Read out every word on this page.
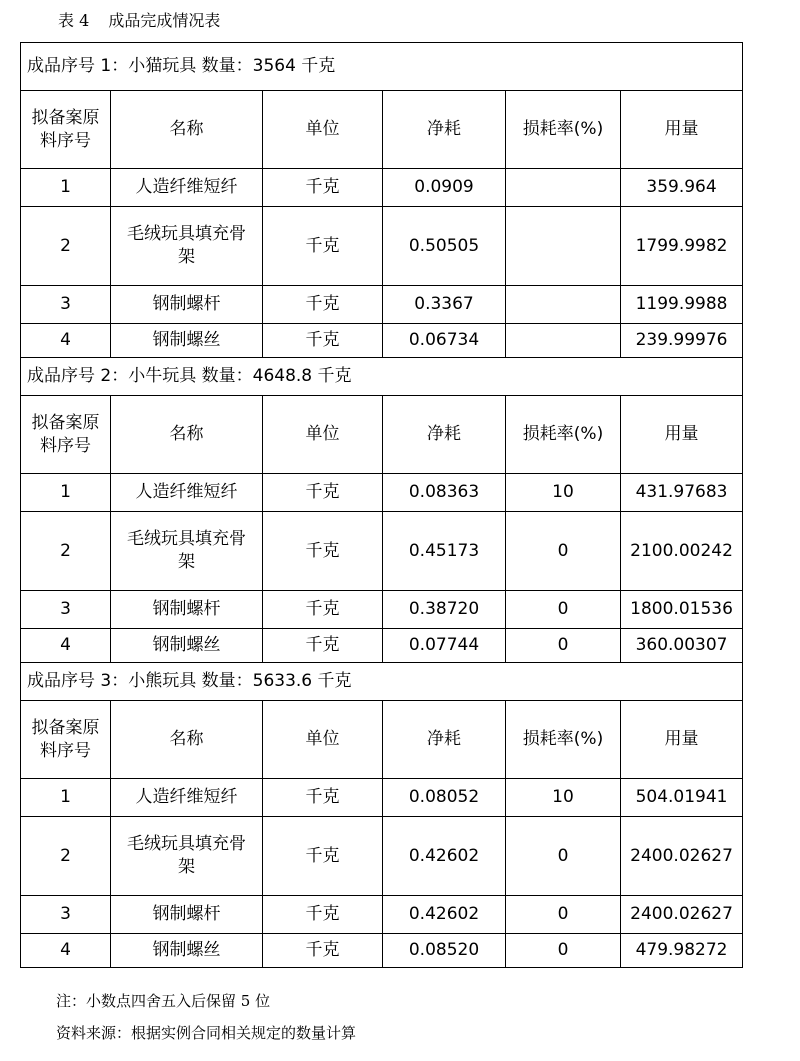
表 4 成品完成情况表
成品序号 1：小猫玩具 数量：3564 千克					
拟备案原料序号	名称	单位	净耗	损耗率(%)	用量
1	人造纤维短纤	千克	0.0909		359.964
2	毛绒玩具填充骨架	千克	0.50505		1799.9982
3	钢制螺杆	千克	0.3367		1199.9988
4	钢制螺丝	千克	0.06734		239.99976
成品序号 2：小牛玩具 数量：4648.8 千克					
拟备案原料序号	名称	单位	净耗	损耗率(%)	用量
1	人造纤维短纤	千克	0.08363	10	431.97683
2	毛绒玩具填充骨架	千克	0.45173	0	2100.00242
3	钢制螺杆	千克	0.38720	0	1800.01536
4	钢制螺丝	千克	0.07744	0	360.00307
成品序号 3：小熊玩具 数量：5633.6 千克					
拟备案原料序号	名称	单位	净耗	损耗率(%)	用量
1	人造纤维短纤	千克	0.08052	10	504.01941
2	毛绒玩具填充骨架	千克	0.42602	0	2400.02627
3	钢制螺杆	千克	0.42602	0	2400.02627
4	钢制螺丝	千克	0.08520	0	479.98272
注：小数点四舍五入后保留 5 位
资料来源：根据实例合同相关规定的数量计算
